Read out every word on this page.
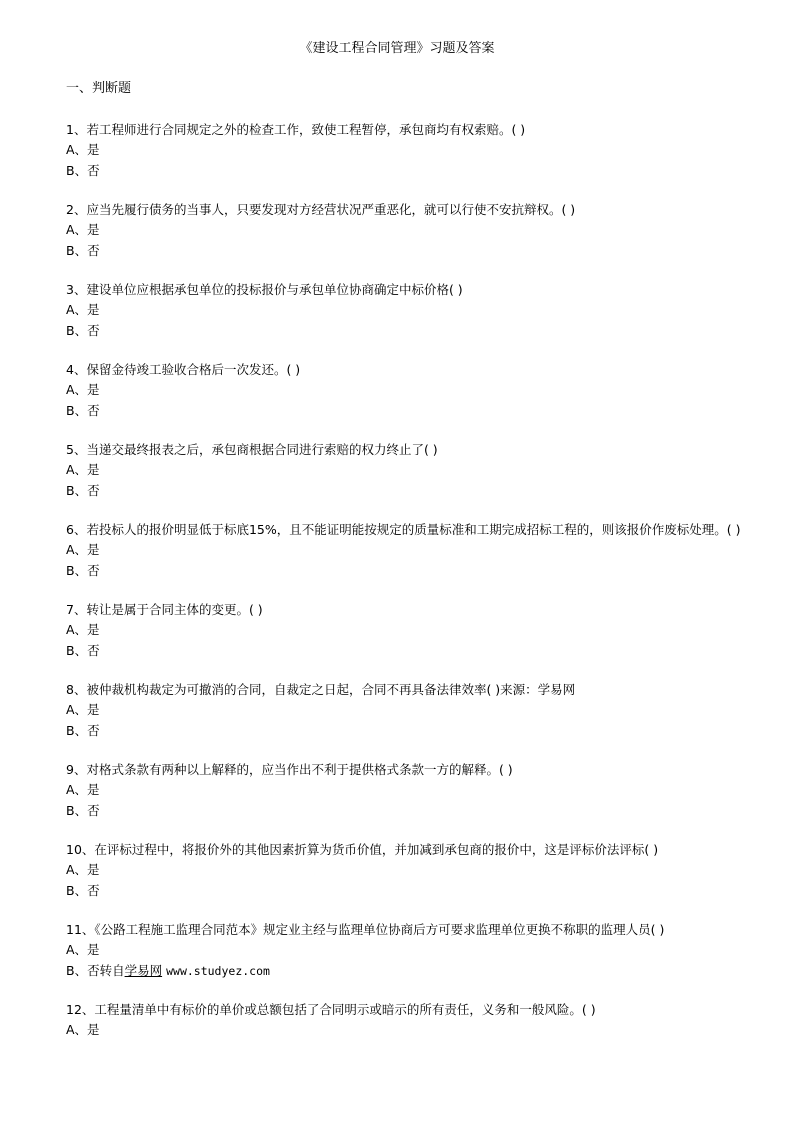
《建设工程合同管理》习题及答案
一、判断题
1、若工程师进行合同规定之外的检查工作，致使工程暂停，承包商均有权索赔。( )
A、是
B、否
2、应当先履行债务的当事人，只要发现对方经营状况严重恶化，就可以行使不安抗辩权。( )
A、是
B、否
3、建设单位应根据承包单位的投标报价与承包单位协商确定中标价格( )
A、是
B、否
4、保留金待竣工验收合格后一次发还。( )
A、是
B、否
5、当递交最终报表之后，承包商根据合同进行索赔的权力终止了( )
A、是
B、否
6、若投标人的报价明显低于标底15%，且不能证明能按规定的质量标准和工期完成招标工程的，则该报价作废标处理。( )
A、是
B、否
7、转让是属于合同主体的变更。( )
A、是
B、否
8、被仲裁机构裁定为可撤消的合同，自裁定之日起，合同不再具备法律效率( )来源：学易网
A、是
B、否
9、对格式条款有两种以上解释的，应当作出不利于提供格式条款一方的解释。( )
A、是
B、否
10、在评标过程中，将报价外的其他因素折算为货币价值，并加减到承包商的报价中，这是评标价法评标( )
A、是
B、否
11、《公路工程施工监理合同范本》规定业主经与监理单位协商后方可要求监理单位更换不称职的监理人员( )
A、是
B、否转自学易网 www.studyez.com
12、工程量清单中有标价的单价或总额包括了合同明示或暗示的所有责任，义务和一般风险。( )
A、是
